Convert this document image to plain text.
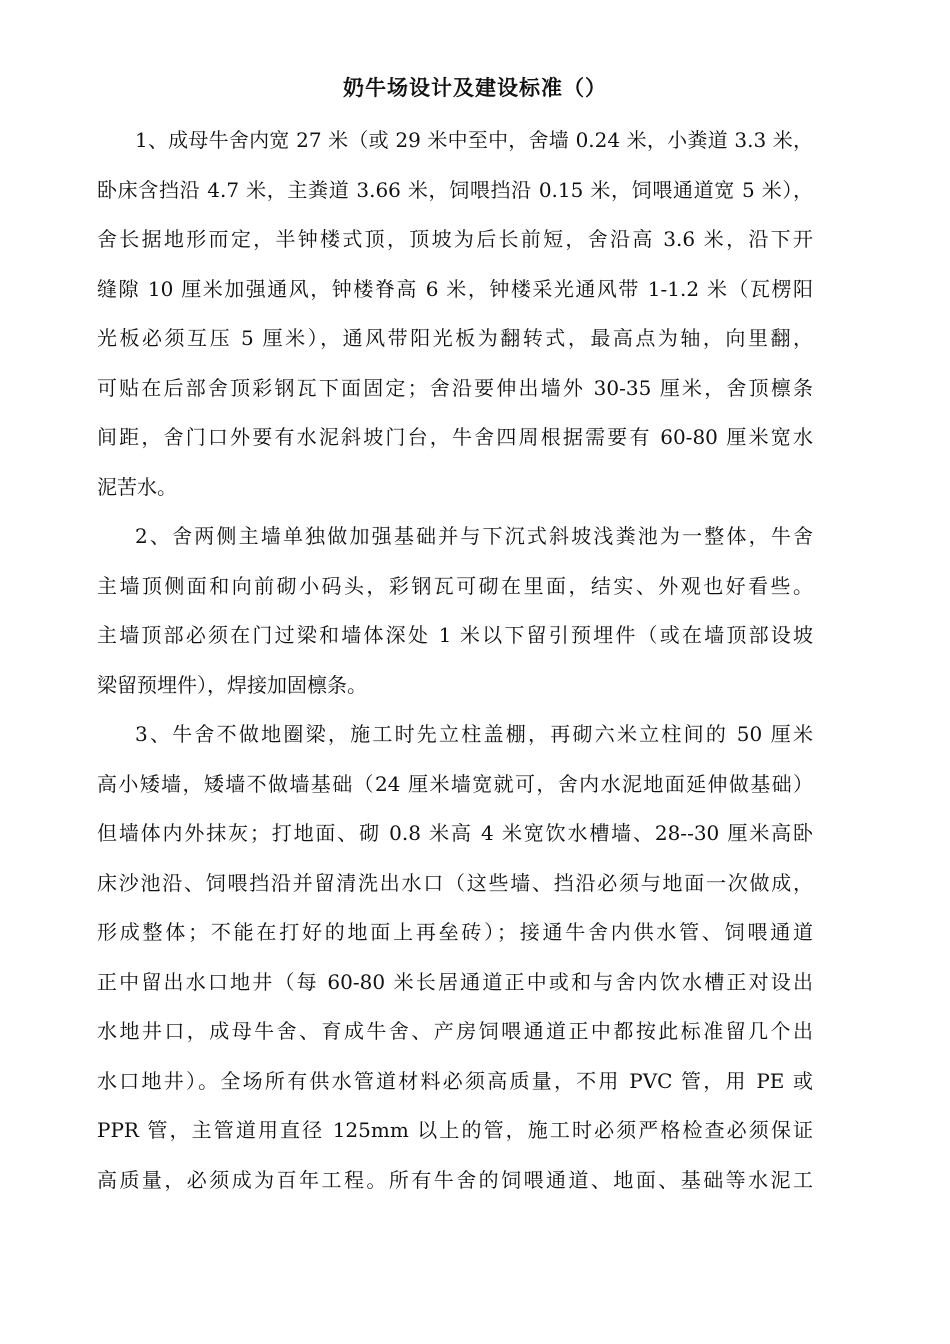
奶牛场设计及建设标准（）
1、成母牛舍内宽 27 米（或 29 米中至中，舍墙 0.24 米，小粪道 3.3 米，
卧床含挡沿 4.7 米，主粪道 3.66 米，饲喂挡沿 0.15 米，饲喂通道宽 5 米），
舍长据地形而定，半钟楼式顶，顶坡为后长前短，舍沿高 3.6 米，沿下开
缝隙 10 厘米加强通风，钟楼脊高 6 米，钟楼采光通风带 1-1.2 米（瓦楞阳
光板必须互压 5 厘米），通风带阳光板为翻转式，最高点为轴，向里翻，
可贴在后部舍顶彩钢瓦下面固定；舍沿要伸出墙外 30-35 厘米，舍顶檩条
间距，舍门口外要有水泥斜坡门台，牛舍四周根据需要有 60-80 厘米宽水
泥苦水。
2、舍两侧主墙单独做加强基础并与下沉式斜坡浅粪池为一整体，牛舍
主墙顶侧面和向前砌小码头，彩钢瓦可砌在里面，结实、外观也好看些。
主墙顶部必须在门过梁和墙体深处 1 米以下留引预埋件（或在墙顶部设坡
梁留预埋件），焊接加固檩条。
3、牛舍不做地圈梁，施工时先立柱盖棚，再砌六米立柱间的 50 厘米
高小矮墙，矮墙不做墙基础（24 厘米墙宽就可，舍内水泥地面延伸做基础）
但墙体内外抹灰；打地面、砌 0.8 米高 4 米宽饮水槽墙、28--30 厘米高卧
床沙池沿、饲喂挡沿并留清洗出水口（这些墙、挡沿必须与地面一次做成，
形成整体；不能在打好的地面上再垒砖）；接通牛舍内供水管、饲喂通道
正中留出水口地井（每 60-80 米长居通道正中或和与舍内饮水槽正对设出
水地井口，成母牛舍、育成牛舍、产房饲喂通道正中都按此标准留几个出
水口地井）。全场所有供水管道材料必须高质量，不用 PVC 管，用 PE 或
PPR 管，主管道用直径 125mm 以上的管，施工时必须严格检查必须保证
高质量，必须成为百年工程。所有牛舍的饲喂通道、地面、基础等水泥工
